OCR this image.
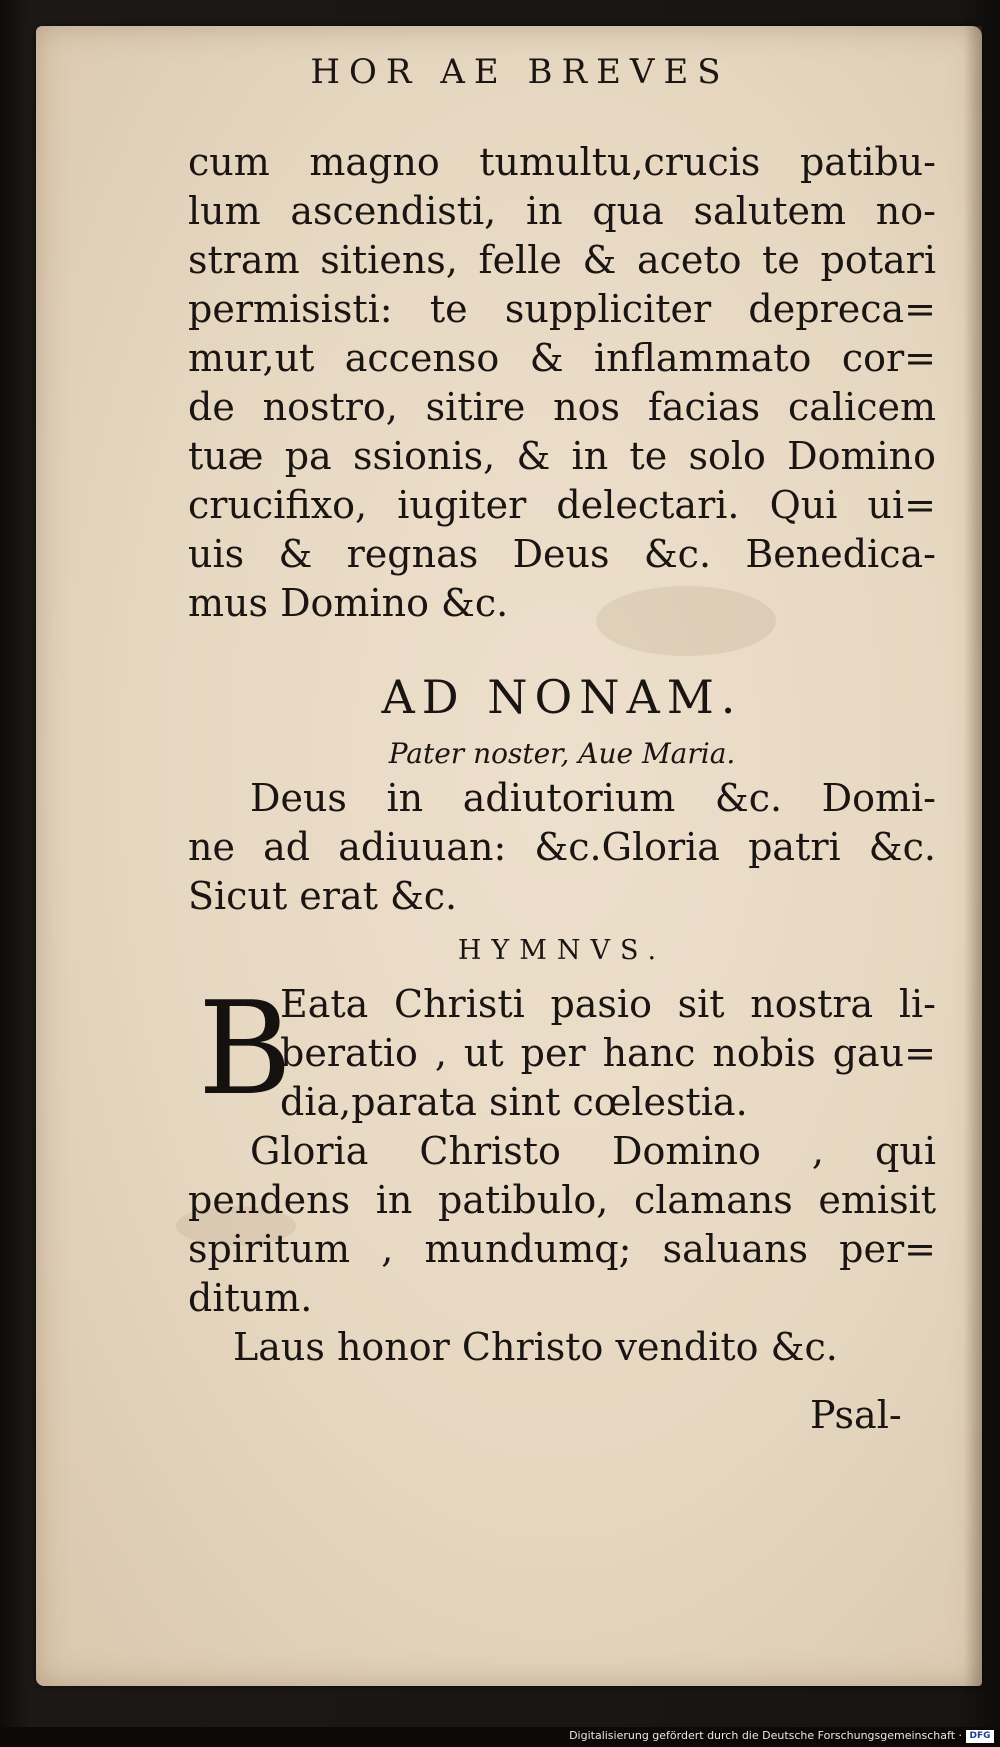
HOR AE BREVES
cum magno tumultu,crucis patibu-
lum ascendisti, in qua salutem no-
stram sitiens, felle & aceto te potari
permisisti: te suppliciter depreca=
mur,ut accenso & inflammato cor=
de nostro, sitire nos facias calicem
tuæ pa ssionis, & in te solo Domino
crucifixo, iugiter delectari. Qui ui=
uis & regnas Deus &c. Benedica-
mus Domino &c.
AD NONAM.
Pater noster, Aue Maria.
Deus in adiutorium &c. Domi-
ne ad adiuuan: &c.Gloria patri &c.
Sicut erat &c.
HYMNVS.
B
Eata Christi pasio sit nostra li-
beratio , ut per hanc nobis gau=
dia,parata sint cœlestia.
Gloria Christo Domino , qui
pendens in patibulo, clamans emisit
spiritum , mundumq; saluans per=
ditum.
Laus honor Christo vendito &c.
Psal-
Digitalisierung gefördert durch die Deutsche Forschungsgemeinschaft · DFG
